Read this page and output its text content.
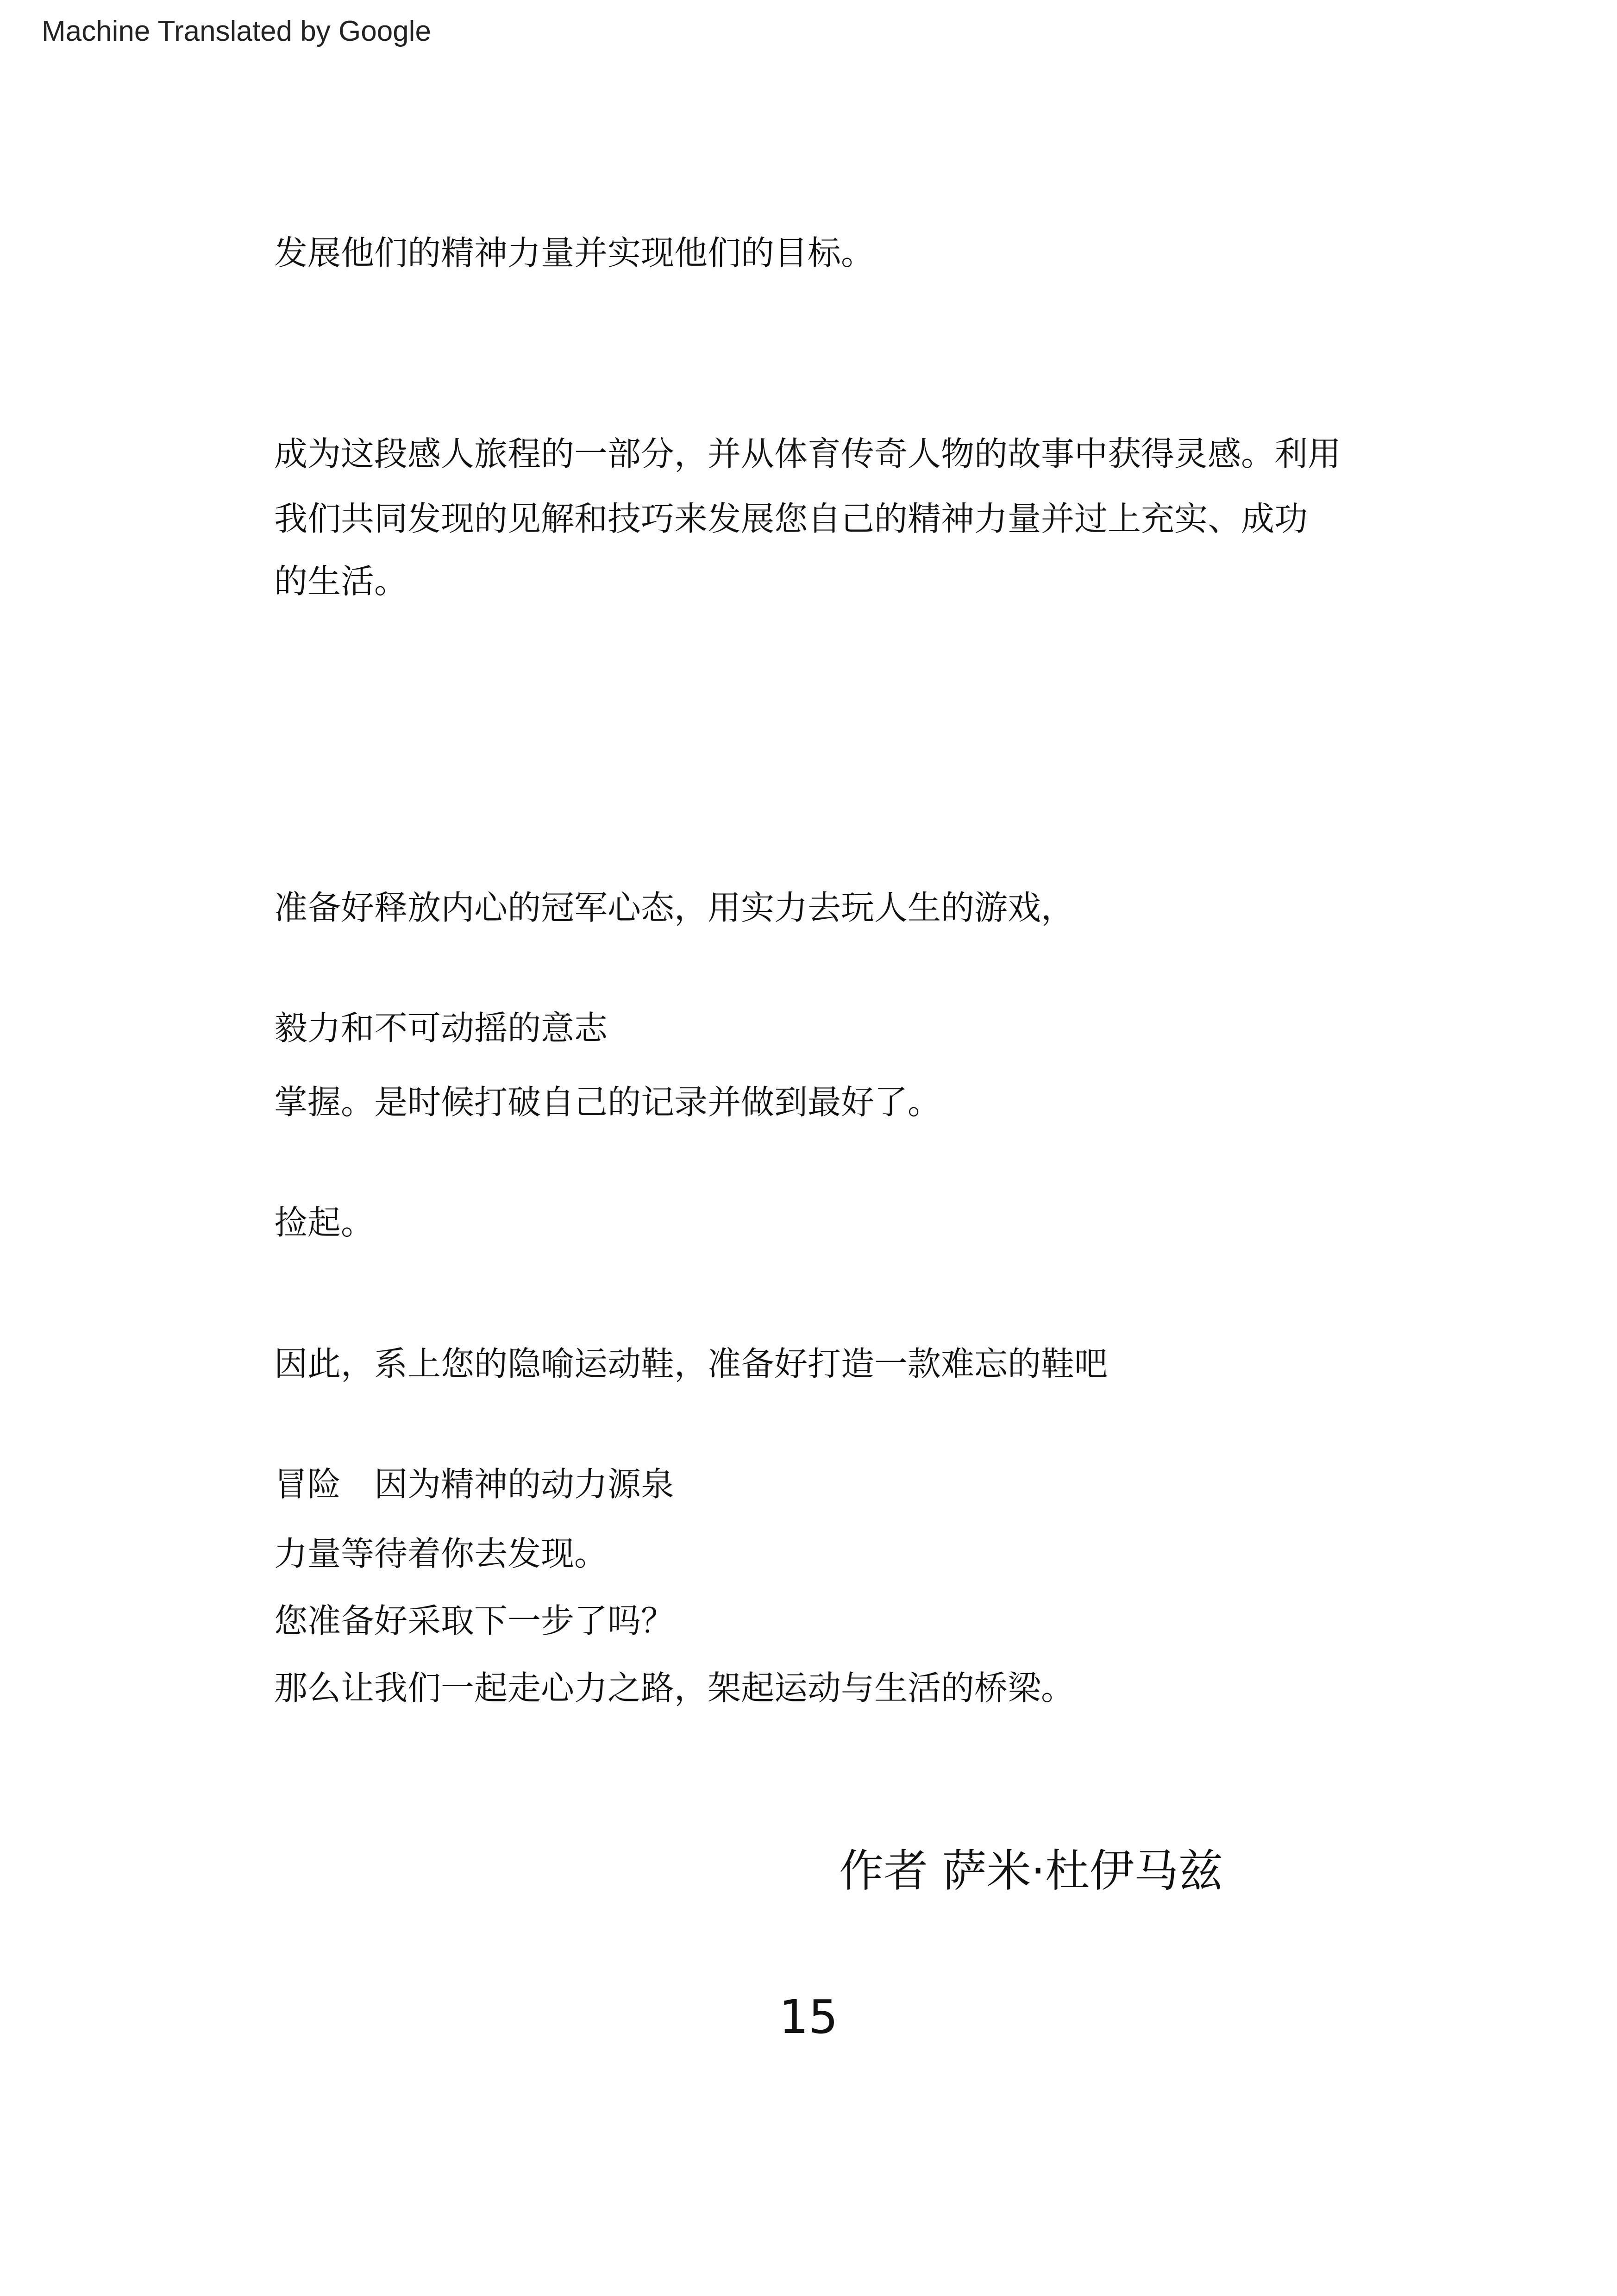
Machine Translated by Google
发展他们的精神力量并实现他们的目标。
成为这段感人旅程的一部分，并从体育传奇人物的故事中获得灵感。利用
我们共同发现的见解和技巧来发展您自己的精神力量并过上充实、成功
的生活。
准备好释放内心的冠军心态，用实力去玩人生的游戏，
毅力和不可动摇的意志
掌握。是时候打破自己的记录并做到最好了。
捡起。
因此，系上您的隐喻运动鞋，准备好打造一款难忘的鞋吧
冒险　因为精神的动力源泉
力量等待着你去发现。
您准备好采取下一步了吗？
那么让我们一起走心力之路，架起运动与生活的桥梁。
作者 萨米·杜伊马兹
15
